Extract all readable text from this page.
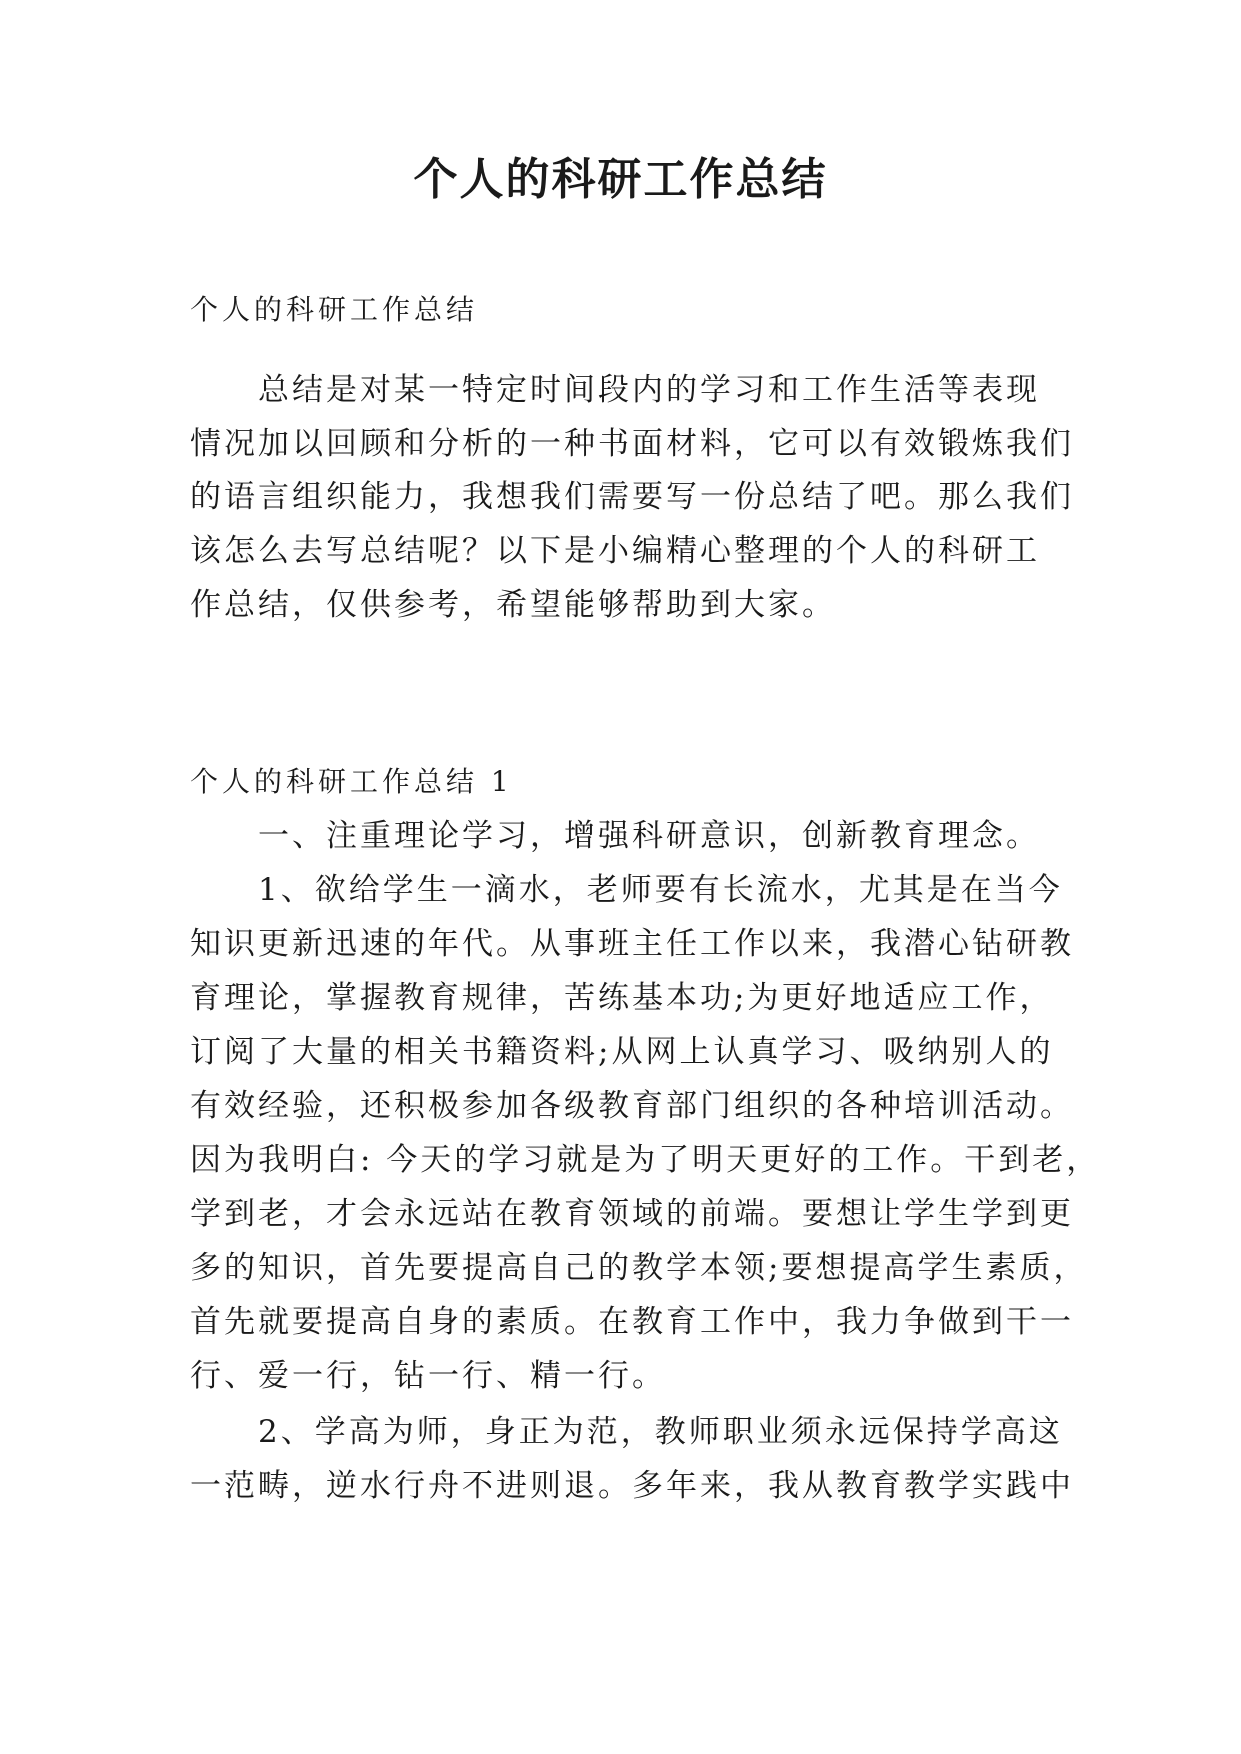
个人的科研工作总结

个人的科研工作总结

总结是对某一特定时间段内的学习和工作生活等表现

情况加以回顾和分析的一种书面材料，它可以有效锻炼我们

的语言组织能力，我想我们需要写一份总结了吧。那么我们

该怎么去写总结呢？以下是小编精心整理的个人的科研工

作总结，仅供参考，希望能够帮助到大家。

个人的科研工作总结 1

一、注重理论学习，增强科研意识，创新教育理念。

1、欲给学生一滴水，老师要有长流水，尤其是在当今

知识更新迅速的年代。从事班主任工作以来，我潜心钻研教

育理论，掌握教育规律，苦练基本功;为更好地适应工作，

订阅了大量的相关书籍资料;从网上认真学习、吸纳别人的

有效经验，还积极参加各级教育部门组织的各种培训活动。

因为我明白: 今天的学习就是为了明天更好的工作。干到老，

学到老，才会永远站在教育领域的前端。要想让学生学到更

多的知识，首先要提高自己的教学本领;要想提高学生素质，

首先就要提高自身的素质。在教育工作中，我力争做到干一

行、爱一行，钻一行、精一行。

2、学高为师，身正为范，教师职业须永远保持学高这

一范畴，逆水行舟不进则退。多年来，我从教育教学实践中
